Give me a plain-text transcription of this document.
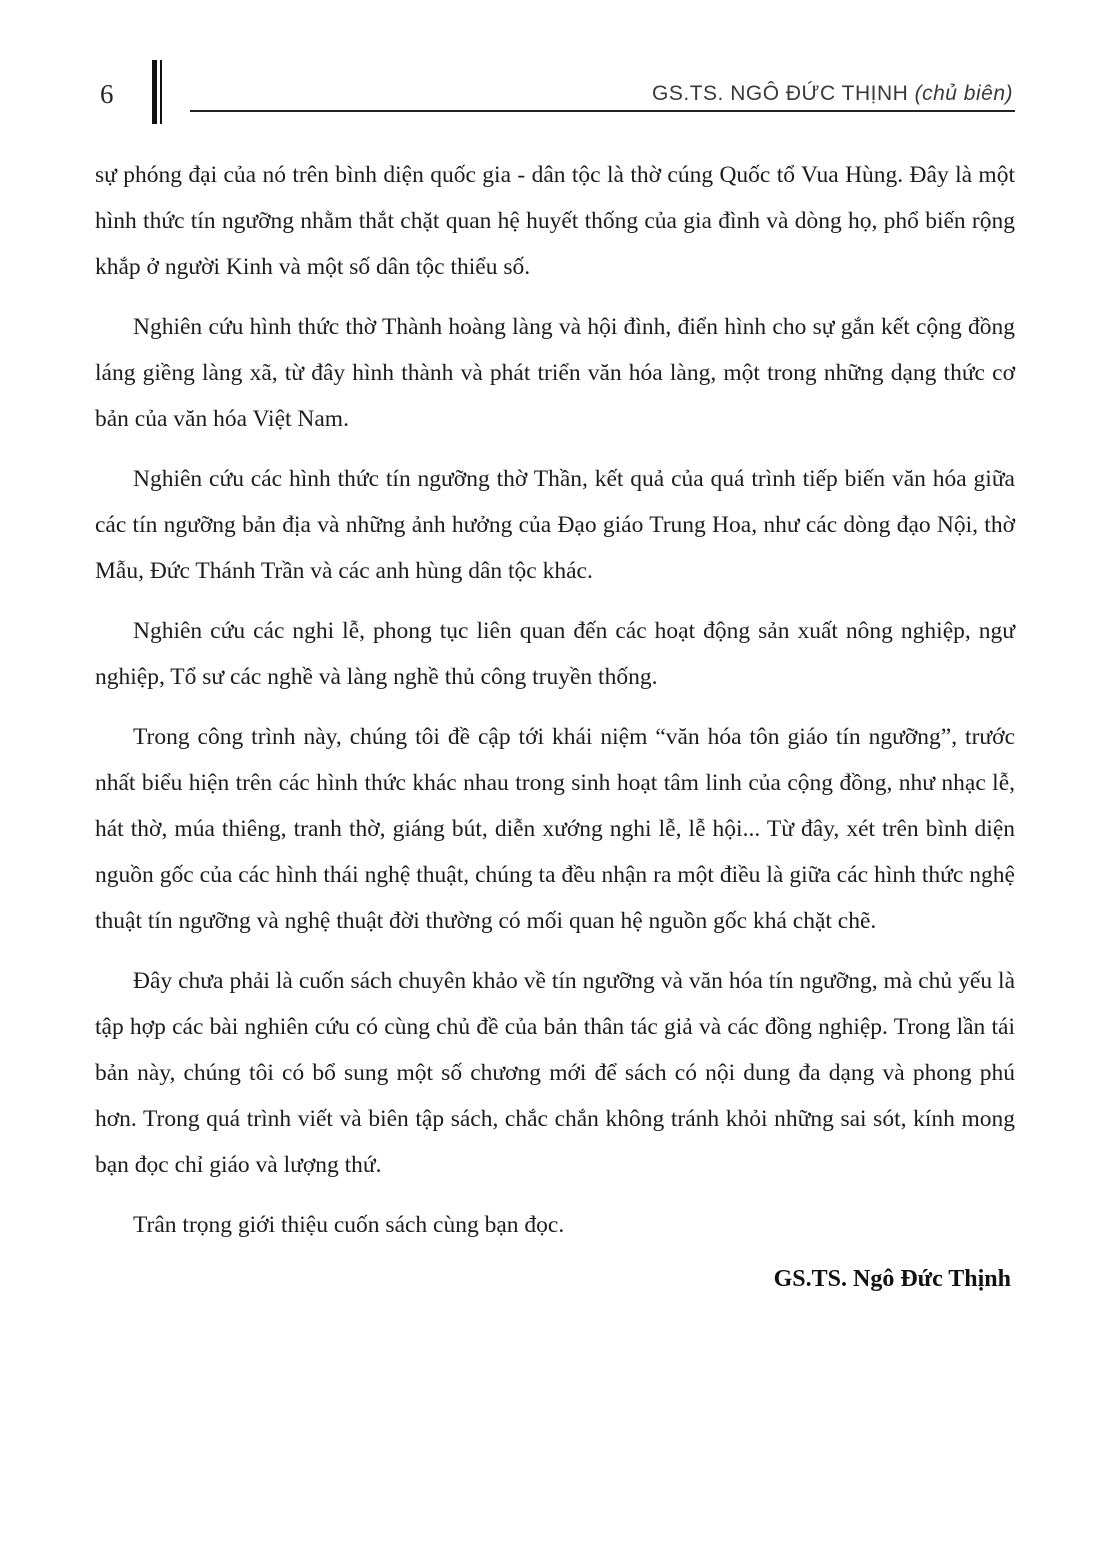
6	GS.TS. NGÔ ĐỨC THỊNH (chủ biên)

sự phóng đại của nó trên bình diện quốc gia - dân tộc là thờ cúng Quốc tổ Vua Hùng. Đây là một hình thức tín ngưỡng nhằm thắt chặt quan hệ huyết thống của gia đình và dòng họ, phổ biến rộng khắp ở người Kinh và một số dân tộc thiểu số.

Nghiên cứu hình thức thờ Thành hoàng làng và hội đình, điển hình cho sự gắn kết cộng đồng láng giềng làng xã, từ đây hình thành và phát triển văn hóa làng, một trong những dạng thức cơ bản của văn hóa Việt Nam.

Nghiên cứu các hình thức tín ngưỡng thờ Thần, kết quả của quá trình tiếp biến văn hóa giữa các tín ngưỡng bản địa và những ảnh hưởng của Đạo giáo Trung Hoa, như các dòng đạo Nội, thờ Mẫu, Đức Thánh Trần và các anh hùng dân tộc khác.

Nghiên cứu các nghi lễ, phong tục liên quan đến các hoạt động sản xuất nông nghiệp, ngư nghiệp, Tổ sư các nghề và làng nghề thủ công truyền thống.

Trong công trình này, chúng tôi đề cập tới khái niệm “văn hóa tôn giáo tín ngưỡng”, trước nhất biểu hiện trên các hình thức khác nhau trong sinh hoạt tâm linh của cộng đồng, như nhạc lễ, hát thờ, múa thiêng, tranh thờ, giáng bút, diễn xướng nghi lễ, lễ hội... Từ đây, xét trên bình diện nguồn gốc của các hình thái nghệ thuật, chúng ta đều nhận ra một điều là giữa các hình thức nghệ thuật tín ngưỡng và nghệ thuật đời thường có mối quan hệ nguồn gốc khá chặt chẽ.

Đây chưa phải là cuốn sách chuyên khảo về tín ngưỡng và văn hóa tín ngưỡng, mà chủ yếu là tập hợp các bài nghiên cứu có cùng chủ đề của bản thân tác giả và các đồng nghiệp. Trong lần tái bản này, chúng tôi có bổ sung một số chương mới để sách có nội dung đa dạng và phong phú hơn. Trong quá trình viết và biên tập sách, chắc chắn không tránh khỏi những sai sót, kính mong bạn đọc chỉ giáo và lượng thứ.

Trân trọng giới thiệu cuốn sách cùng bạn đọc.

GS.TS. Ngô Đức Thịnh
